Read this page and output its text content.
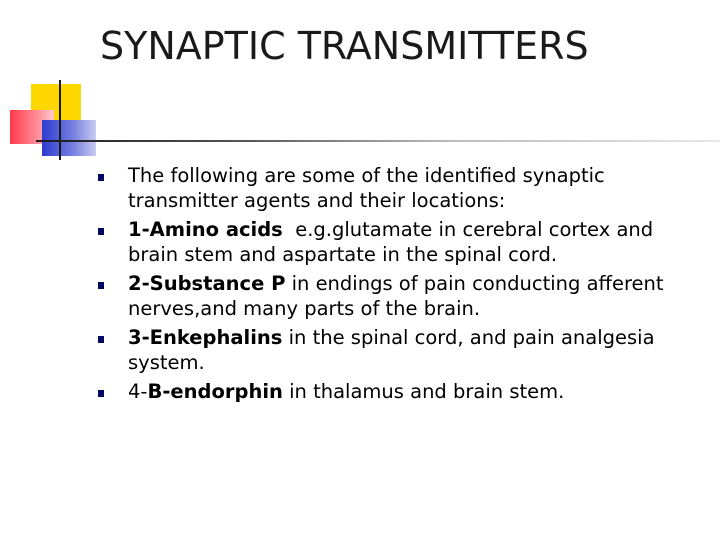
SYNAPTIC TRANSMITTERS
The following are some of the identified synaptic transmitter agents and their locations:
1-Amino acids  e.g.glutamate in cerebral cortex and brain stem and aspartate in the spinal cord.
2-Substance P in endings of pain conducting afferent nerves,and many parts of the brain.
3-Enkephalins in the spinal cord, and pain analgesia system.
4-B-endorphin in thalamus and brain stem.
